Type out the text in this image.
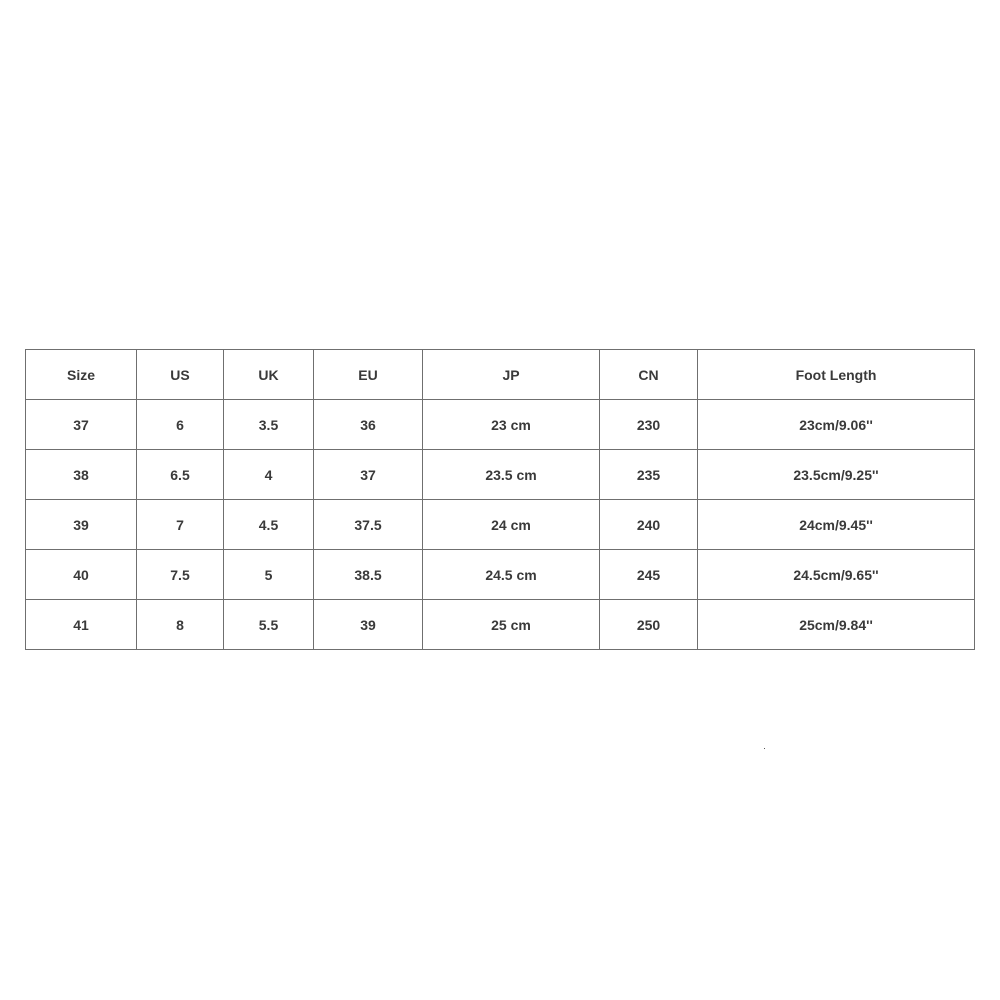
Size	US	UK	EU	JP	CN	Foot Length
37	6	3.5	36	23 cm	230	23cm/9.06''
38	6.5	4	37	23.5 cm	235	23.5cm/9.25''
39	7	4.5	37.5	24 cm	240	24cm/9.45''
40	7.5	5	38.5	24.5 cm	245	24.5cm/9.65''
41	8	5.5	39	25 cm	250	25cm/9.84''
